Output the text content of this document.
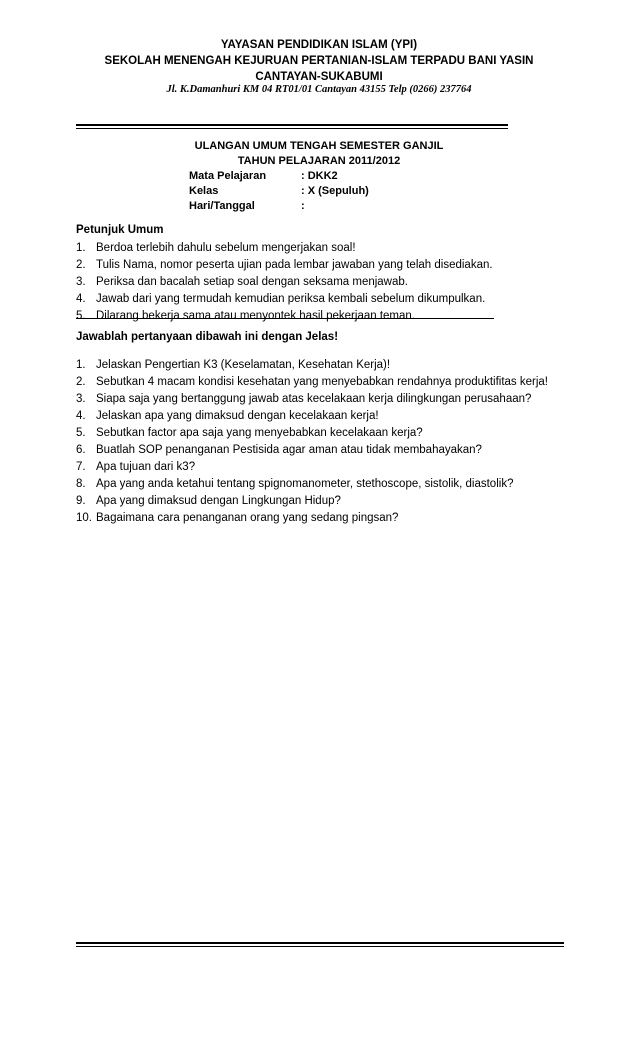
YAYASAN PENDIDIKAN ISLAM (YPI)
SEKOLAH MENENGAH KEJURUAN PERTANIAN-ISLAM TERPADU BANI YASIN
CANTAYAN-SUKABUMI
Jl. K.Damanhuri KM 04 RT01/01 Cantayan 43155 Telp (0266) 237764
ULANGAN UMUM TENGAH SEMESTER GANJIL
TAHUN PELAJARAN 2011/2012
Mata Pelajaran	: DKK2
Kelas	: X (Sepuluh)
Hari/Tanggal	:
Petunjuk Umum
1. Berdoa terlebih dahulu sebelum mengerjakan soal!
2. Tulis Nama, nomor peserta ujian pada lembar jawaban yang telah disediakan.
3. Periksa dan bacalah setiap soal dengan seksama menjawab.
4. Jawab dari yang termudah kemudian periksa kembali sebelum dikumpulkan.
5. Dilarang bekerja sama atau menyontek hasil pekerjaan teman.
Jawablah pertanyaan dibawah ini dengan Jelas!
1. Jelaskan Pengertian K3 (Keselamatan, Kesehatan Kerja)!
2. Sebutkan 4 macam kondisi kesehatan yang menyebabkan rendahnya produktifitas kerja!
3. Siapa saja yang bertanggung jawab atas kecelakaan kerja dilingkungan perusahaan?
4. Jelaskan apa yang dimaksud dengan kecelakaan kerja!
5. Sebutkan factor apa saja yang menyebabkan kecelakaan kerja?
6. Buatlah SOP penanganan Pestisida agar aman atau tidak membahayakan?
7. Apa tujuan dari k3?
8. Apa yang anda ketahui tentang spignomanometer, stethoscope, sistolik, diastolik?
9. Apa yang dimaksud dengan Lingkungan Hidup?
10. Bagaimana cara penanganan orang yang sedang pingsan?
